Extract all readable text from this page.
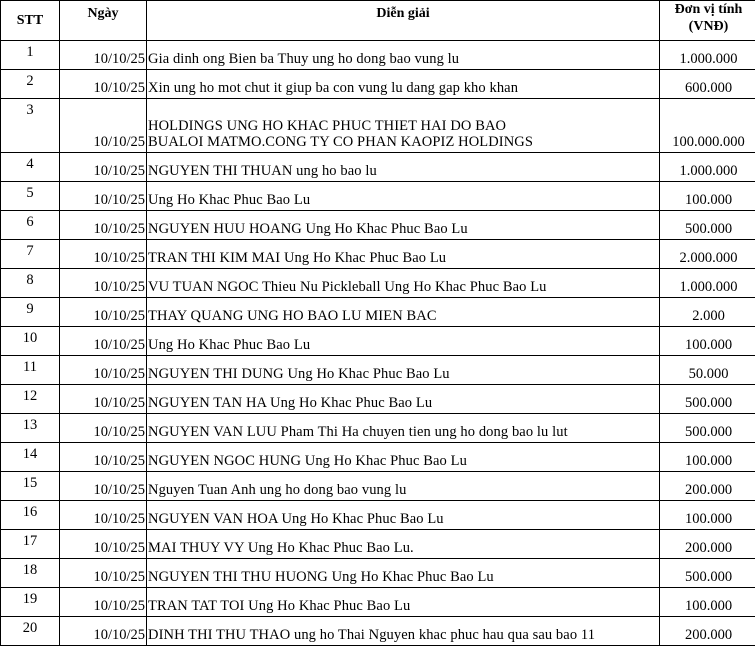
STT	Ngày	Diễn giải	Đơn vị tính
(VNĐ)

1	10/10/25	Gia dinh ong Bien ba Thuy ung ho dong bao vung lu	1.000.000
2	10/10/25	Xin ung ho mot chut it giup ba con vung lu dang gap kho khan	600.000
3	10/10/25	HOLDINGS UNG HO KHAC PHUC THIET HAI DO BAO
BUALOI MATMO.CONG TY CO PHAN KAOPIZ HOLDINGS	100.000.000
4	10/10/25	NGUYEN THI THUAN ung ho bao lu	1.000.000
5	10/10/25	Ung Ho Khac Phuc Bao Lu	100.000
6	10/10/25	NGUYEN HUU HOANG Ung Ho Khac Phuc Bao Lu	500.000
7	10/10/25	TRAN THI KIM MAI Ung Ho Khac Phuc Bao Lu	2.000.000
8	10/10/25	VU TUAN NGOC Thieu Nu Pickleball Ung Ho Khac Phuc Bao Lu	1.000.000
9	10/10/25	THAY QUANG UNG HO BAO LU MIEN BAC	2.000
10	10/10/25	Ung Ho Khac Phuc Bao Lu	100.000
11	10/10/25	NGUYEN THI DUNG Ung Ho Khac Phuc Bao Lu	50.000
12	10/10/25	NGUYEN TAN HA Ung Ho Khac Phuc Bao Lu	500.000
13	10/10/25	NGUYEN VAN LUU Pham Thi Ha chuyen tien ung ho dong bao lu lut	500.000
14	10/10/25	NGUYEN NGOC HUNG Ung Ho Khac Phuc Bao Lu	100.000
15	10/10/25	Nguyen Tuan Anh ung ho dong bao vung lu	200.000
16	10/10/25	NGUYEN VAN HOA Ung Ho Khac Phuc Bao Lu	100.000
17	10/10/25	MAI THUY VY Ung Ho Khac Phuc Bao Lu.	200.000
18	10/10/25	NGUYEN THI THU HUONG Ung Ho Khac Phuc Bao Lu	500.000
19	10/10/25	TRAN TAT TOI Ung Ho Khac Phuc Bao Lu	100.000
20	10/10/25	DINH THI THU THAO ung ho Thai Nguyen khac phuc hau qua sau bao 11	200.000
